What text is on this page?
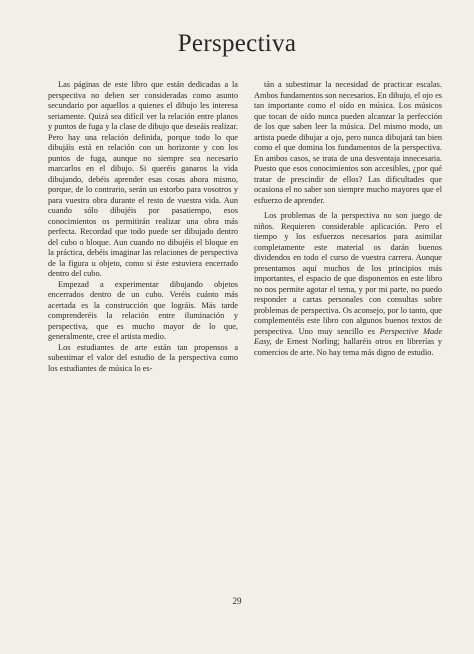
Perspectiva

Las páginas de este libro que están dedicadas a la perspectiva no deben ser consideradas como asunto secundario por aquellos a quienes el dibujo les interesa seriamente. Quizá sea difícil ver la relación entre planos y puntos de fuga y la clase de dibujo que deseáis realizar. Pero hay una relación definida, porque todo lo que dibujáis está en relación con un horizonte y con los puntos de fuga, aunque no siempre sea necesario marcarlos en el dibujo. Si queréis ganaros la vida dibujando, debéis aprender esas cosas ahora mismo, porque, de lo contrario, serán un estorbo para vosotros y para vuestra obra durante el resto de vuestra vida. Aun cuando sólo dibujéis por pasatiempo, esos conocimientos os permitirán realizar una obra más perfecta. Recordad que todo puede ser dibujado dentro del cubo o bloque. Aun cuando no dibujéis el bloque en la práctica, debéis imaginar las relaciones de perspectiva de la figura u objeto, como si éste estuviera encerrado dentro del cubo.

Empezad a experimentar dibujando objetos encerrados dentro de un cubo. Veréis cuánto más acertada es la construcción que lográis. Más tarde comprenderéis la relación entre iluminación y perspectiva, que es mucho mayor de lo que, generalmente, cree el artista medio.

Los estudiantes de arte están tan propensos a subestimar el valor del estudio de la perspectiva como los estudiantes de música lo es-

tán a subestimar la necesidad de practicar escalas. Ambos fundamentos son necesarios. En dibujo, el ojo es tan importante como el oído en música. Los músicos que tocan de oído nunca pueden alcanzar la perfección de los que saben leer la música. Del mismo modo, un artista puede dibujar a ojo, pero nunca dibujará tan bien como el que domina los fundamentos de la perspectiva. En ambos casos, se trata de una desventaja innecesaria. Puesto que esos conocimientos son accesibles, ¿por qué tratar de prescindir de ellos? Las dificultades que ocasiona el no saber son siempre mucho mayores que el esfuerzo de aprender.

Los problemas de la perspectiva no son juego de niños. Requieren considerable aplicación. Pero el tiempo y los esfuerzos necesarios para asimilar completamente este material os darán buenos dividendos en todo el curso de vuestra carrera. Aunque presentamos aquí muchos de los principios más importantes, el espacio de que disponemos en este libro no nos permite agotar el tema, y por mi parte, no puedo responder a cartas personales con consultas sobre problemas de perspectiva. Os aconsejo, por lo tanto, que complementéis este libro con algunos buenos textos de perspectiva. Uno muy sencillo es Perspective Made Easy, de Ernest Norling; hallaréis otros en librerías y comercios de arte. No hay tema más digno de estudio.

29
